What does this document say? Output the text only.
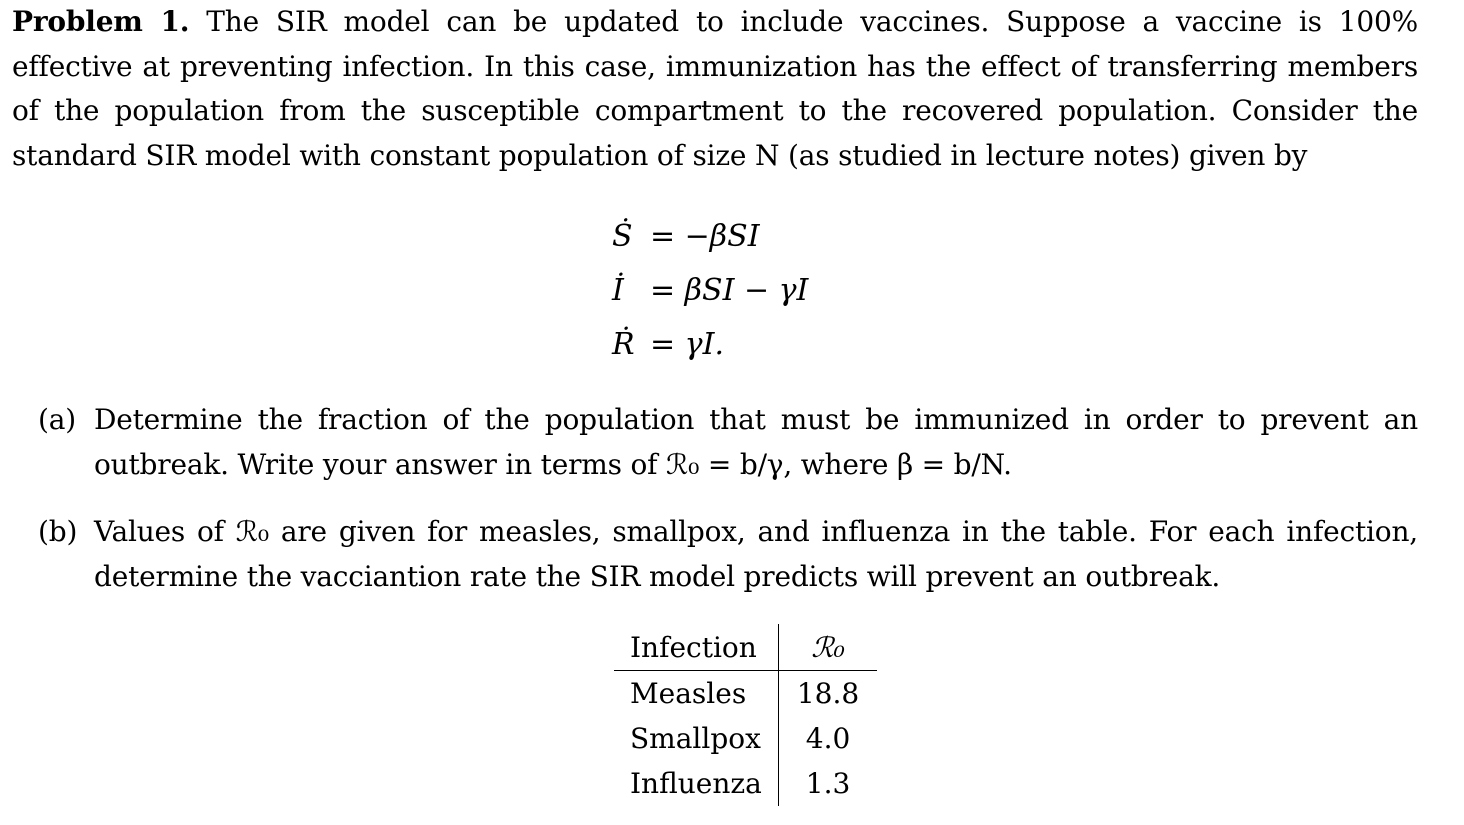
Problem 1. The SIR model can be updated to include vaccines. Suppose a vaccine is 100% effective at preventing infection. In this case, immunization has the effect of transferring members of the population from the susceptible compartment to the recovered population. Consider the standard SIR model with constant population of size N (as studied in lecture notes) given by

Ṡ = −βSI
İ = βSI − γI
Ṙ = γI.
(a) Determine the fraction of the population that must be immunized in order to prevent an outbreak. Write your answer in terms of ℛ₀ = b/γ, where β = b/N.
(b) Values of ℛ₀ are given for measles, smallpox, and influenza in the table. For each infection, determine the vacciantion rate the SIR model predicts will prevent an outbreak.
Infection	ℛ₀
Measles	18.8
Smallpox	4.0
Influenza	1.3
